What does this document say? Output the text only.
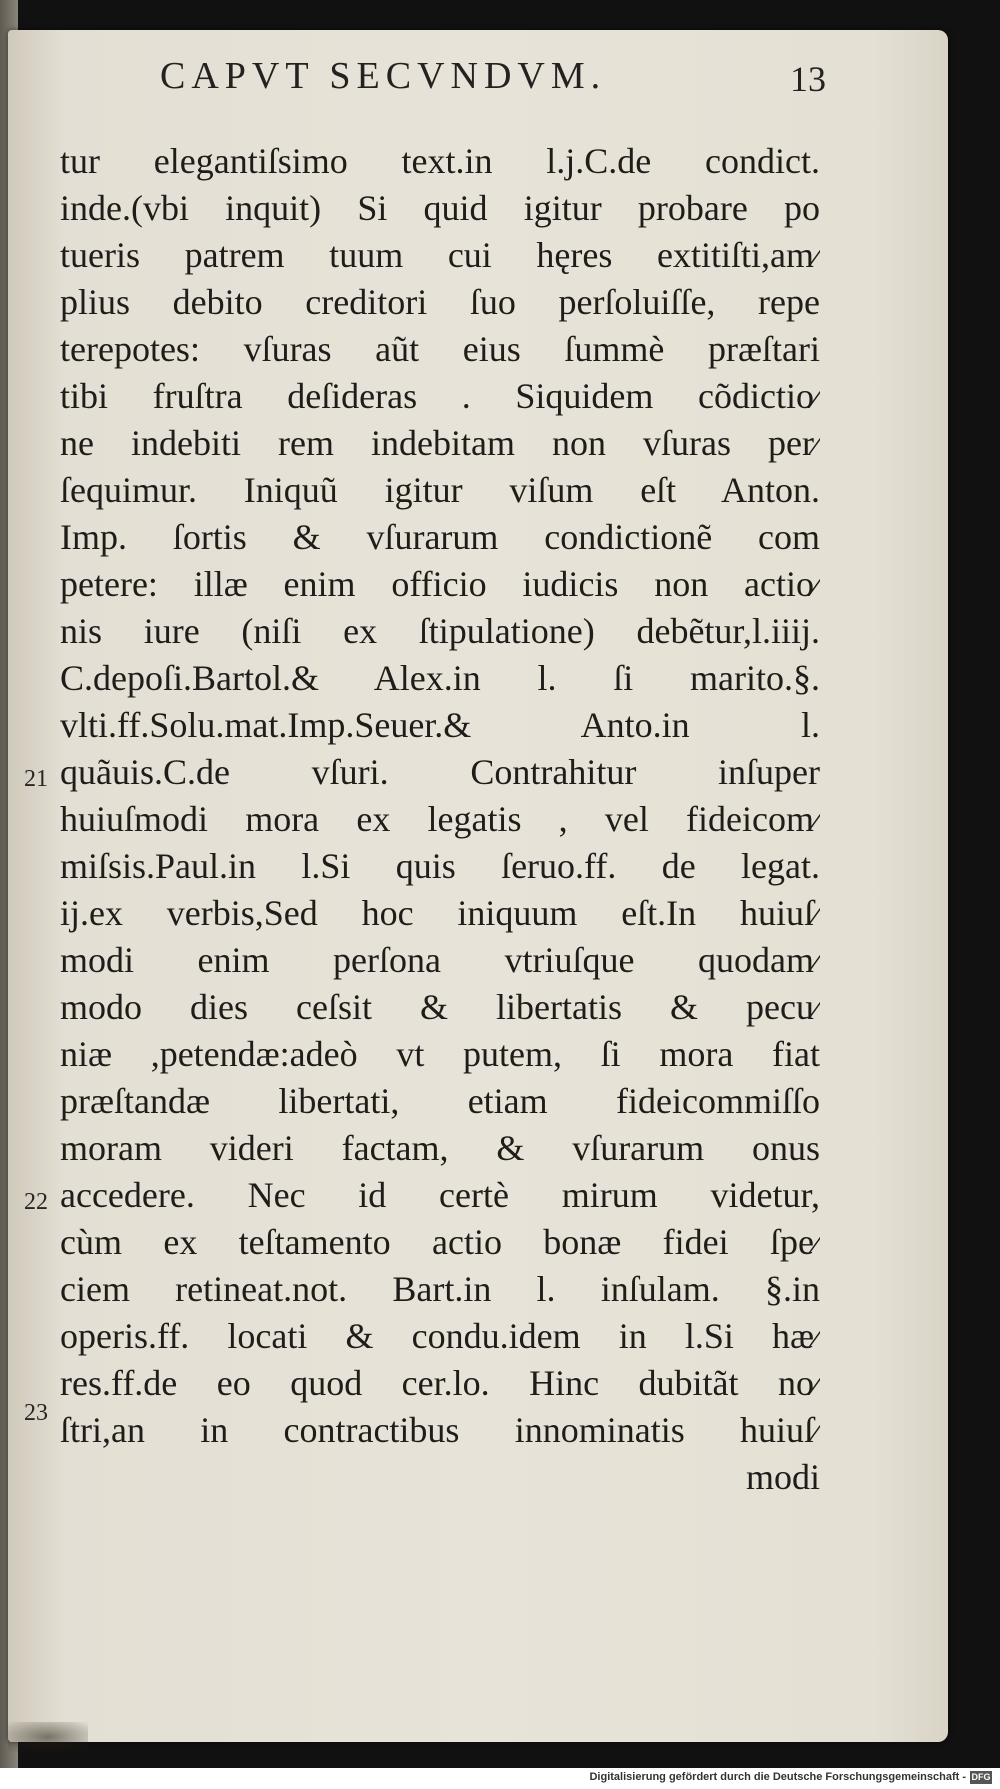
CAPVT SECVNDVM.	13
tur elegantiſsimo text.in l.j.C.de condict.
inde.(vbi inquit) Si quid igitur probare po
tueris patrem tuum cui hęres extitiſti,am⁄
plius debito creditori ſuo perſoluiſſe, repe
terepotes: vſuras aũt eius ſummè præſtari
tibi fruſtra deſideras . Siquidem cõdictio⁄
ne indebiti rem indebitam non vſuras per⁄
ſequimur. Iniquũ igitur viſum eſt Anton.
Imp. ſortis & vſurarum condictionẽ com
petere: illæ enim officio iudicis non actio⁄
nis iure (niſi ex ſtipulatione) debẽtur,l.iiij.
C.depoſi.Bartol.& Alex.in l. ſi marito.§.
vlti.ff.Solu.mat.Imp.Seuer.& Anto.in l.
quãuis.C.de vſuri. Contrahitur inſuper
huiuſmodi mora ex legatis , vel fideicom⁄
miſsis.Paul.in l.Si quis ſeruo.ff. de legat.
ij.ex verbis,Sed hoc iniquum eſt.In huiuſ⁄
modi enim perſona vtriuſque quodam⁄
modo dies ceſsit & libertatis & pecu⁄
niæ ,petendæ:adeò vt putem, ſi mora fiat
præſtandæ libertati, etiam fideicommiſſo
moram videri factam, & vſurarum onus
accedere. Nec id certè mirum videtur,
cùm ex teſtamento actio bonæ fidei ſpe⁄
ciem retineat.not. Bart.in l. inſulam. §.in
operis.ff. locati & condu.idem in l.Si hæ⁄
res.ff.de eo quod cer.lo. Hinc dubitãt no⁄
ſtri,an in contractibus innominatis huiuſ⁄
modi
21
22
23
Digitalisierung gefördert durch die Deutsche Forschungsgemeinschaft - DFG
